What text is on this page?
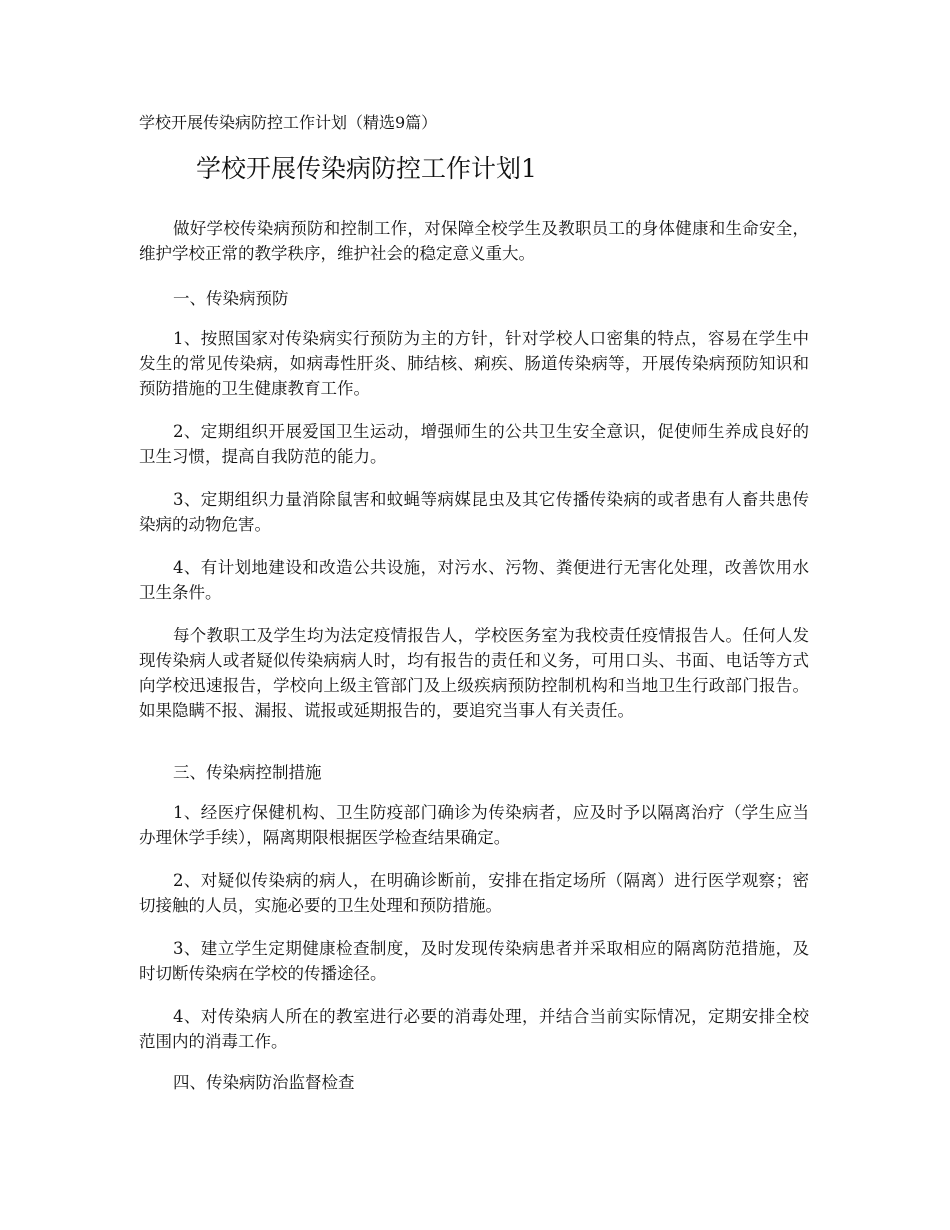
学校开展传染病防控工作计划（精选9篇）
学校开展传染病防控工作计划1

做好学校传染病预防和控制工作，对保障全校学生及教职员工的身体健康和生命安全，维护学校正常的教学秩序，维护社会的稳定意义重大。

一、传染病预防

1、按照国家对传染病实行预防为主的方针，针对学校人口密集的特点，容易在学生中发生的常见传染病，如病毒性肝炎、肺结核、痢疾、肠道传染病等，开展传染病预防知识和预防措施的卫生健康教育工作。

2、定期组织开展爱国卫生运动，增强师生的公共卫生安全意识，促使师生养成良好的卫生习惯，提高自我防范的能力。

3、定期组织力量消除鼠害和蚊蝇等病媒昆虫及其它传播传染病的或者患有人畜共患传染病的动物危害。

4、有计划地建设和改造公共设施，对污水、污物、粪便进行无害化处理，改善饮用水卫生条件。

每个教职工及学生均为法定疫情报告人，学校医务室为我校责任疫情报告人。任何人发现传染病人或者疑似传染病病人时，均有报告的责任和义务，可用口头、书面、电话等方式向学校迅速报告，学校向上级主管部门及上级疾病预防控制机构和当地卫生行政部门报告。如果隐瞒不报、漏报、谎报或延期报告的，要追究当事人有关责任。

三、传染病控制措施

1、经医疗保健机构、卫生防疫部门确诊为传染病者，应及时予以隔离治疗（学生应当办理休学手续），隔离期限根据医学检查结果确定。

2、对疑似传染病的病人，在明确诊断前，安排在指定场所（隔离）进行医学观察；密切接触的人员，实施必要的卫生处理和预防措施。

3、建立学生定期健康检查制度，及时发现传染病患者并采取相应的隔离防范措施，及时切断传染病在学校的传播途径。

4、对传染病人所在的教室进行必要的消毒处理，并结合当前实际情况，定期安排全校范围内的消毒工作。

四、传染病防治监督检查
